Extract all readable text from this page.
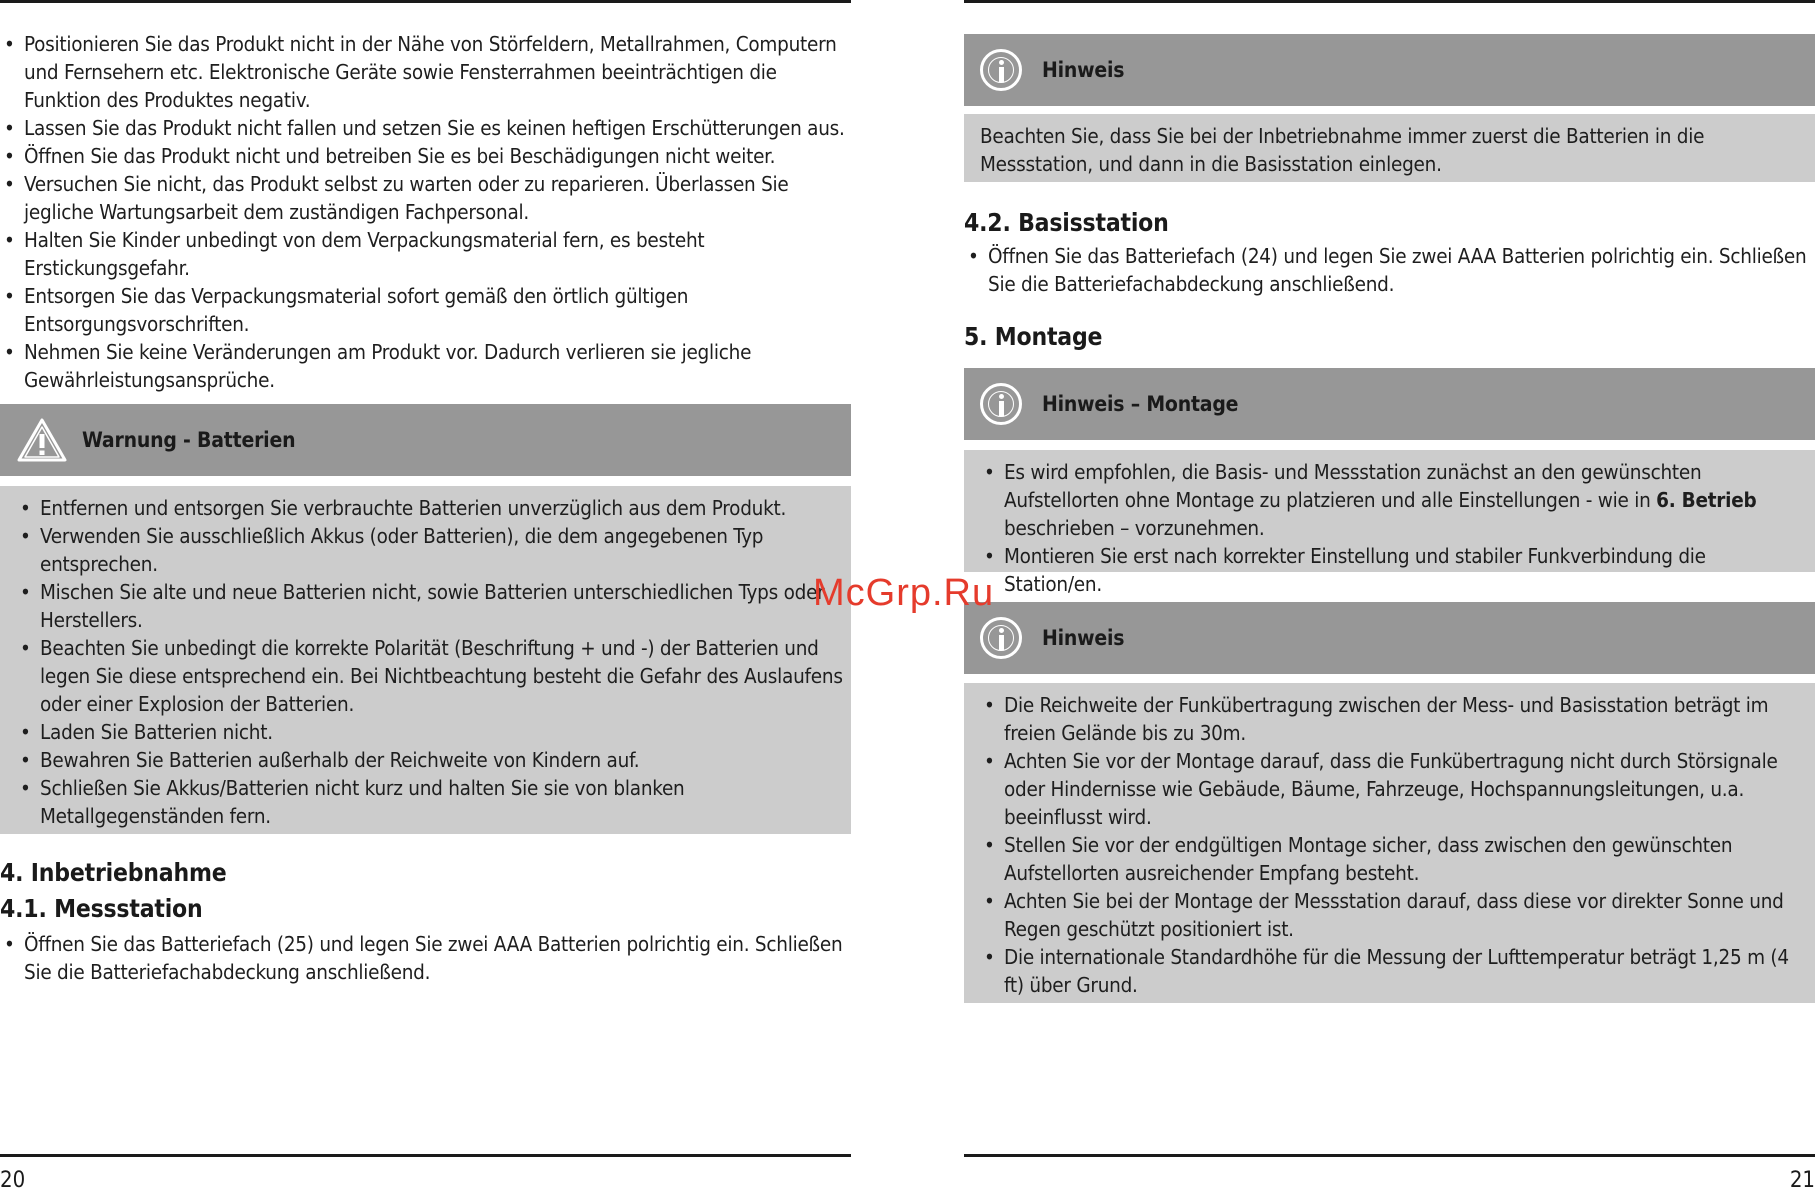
• Positionieren Sie das Produkt nicht in der Nähe von Störfeldern, Metallrahmen, Computern und Fernsehern etc. Elektronische Geräte sowie Fensterrahmen beeinträchtigen die Funktion des Produktes negativ.
• Lassen Sie das Produkt nicht fallen und setzen Sie es keinen heftigen Erschütterungen aus.
• Öffnen Sie das Produkt nicht und betreiben Sie es bei Beschädigungen nicht weiter.
• Versuchen Sie nicht, das Produkt selbst zu warten oder zu reparieren. Überlassen Sie jegliche Wartungsarbeit dem zuständigen Fachpersonal.
• Halten Sie Kinder unbedingt von dem Verpackungsmaterial fern, es besteht Erstickungsgefahr.
• Entsorgen Sie das Verpackungsmaterial sofort gemäß den örtlich gültigen Entsorgungsvorschriften.
• Nehmen Sie keine Veränderungen am Produkt vor. Dadurch verlieren sie jegliche Gewährleistungsansprüche.
Warnung - Batterien
• Entfernen und entsorgen Sie verbrauchte Batterien unverzüglich aus dem Produkt.
• Verwenden Sie ausschließlich Akkus (oder Batterien), die dem angegebenen Typ entsprechen.
• Mischen Sie alte und neue Batterien nicht, sowie Batterien unterschiedlichen Typs oder Herstellers.
• Beachten Sie unbedingt die korrekte Polarität (Beschriftung + und -) der Batterien und legen Sie diese entsprechend ein. Bei Nichtbeachtung besteht die Gefahr des Auslaufens oder einer Explosion der Batterien.
• Laden Sie Batterien nicht.
• Bewahren Sie Batterien außerhalb der Reichweite von Kindern auf.
• Schließen Sie Akkus/Batterien nicht kurz und halten Sie sie von blanken Metallgegenständen fern.
4. Inbetriebnahme
4.1. Messstation
• Öffnen Sie das Batteriefach (25) und legen Sie zwei AAA Batterien polrichtig ein. Schließen Sie die Batteriefachabdeckung anschließend.
20
Hinweis

Beachten Sie, dass Sie bei der Inbetriebnahme immer zuerst die Batterien in die Messstation, und dann in die Basisstation einlegen.

4.2. Basisstation
• Öffnen Sie das Batteriefach (24) und legen Sie zwei AAA Batterien polrichtig ein. Schließen Sie die Batteriefachabdeckung anschließend.
5. Montage
Hinweis – Montage
• Es wird empfohlen, die Basis- und Messstation zunächst an den gewünschten Aufstellorten ohne Montage zu platzieren und alle Einstellungen - wie in 6. Betrieb beschrieben – vorzunehmen.
• Montieren Sie erst nach korrekter Einstellung und stabiler Funkverbindung die Station/en.
Hinweis
• Die Reichweite der Funkübertragung zwischen der Mess- und Basisstation beträgt im freien Gelände bis zu 30m.
• Achten Sie vor der Montage darauf, dass die Funkübertragung nicht durch Störsignale oder Hindernisse wie Gebäude, Bäume, Fahrzeuge, Hochspannungsleitungen, u.a. beeinflusst wird.
• Stellen Sie vor der endgültigen Montage sicher, dass zwischen den gewünschten Aufstellorten ausreichender Empfang besteht.
• Achten Sie bei der Montage der Messstation darauf, dass diese vor direkter Sonne und Regen geschützt positioniert ist.
• Die internationale Standardhöhe für die Messung der Lufttemperatur beträgt 1,25 m (4 ft) über Grund.
21
McGrp.Ru
